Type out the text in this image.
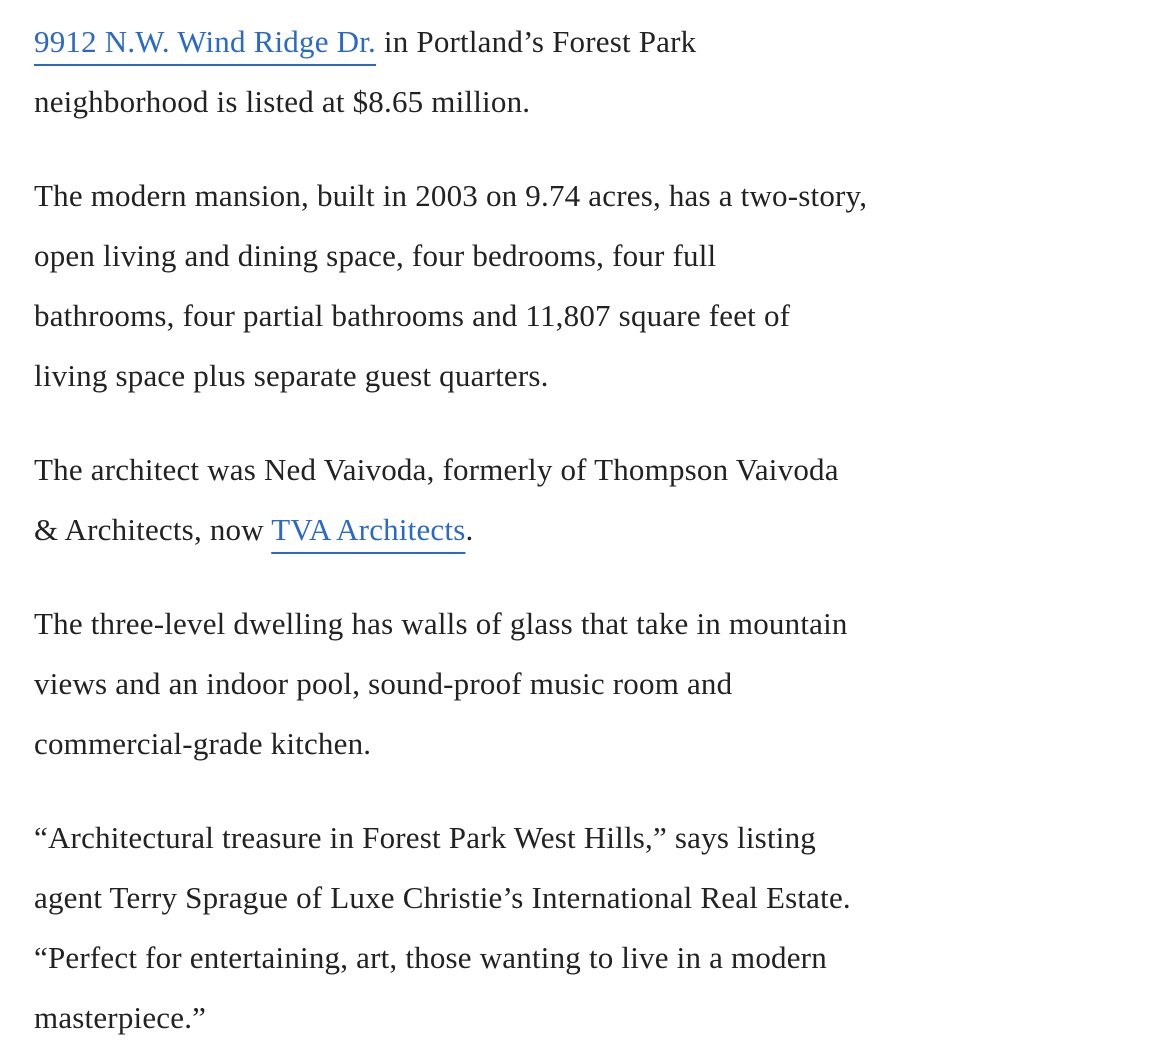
9912 N.W. Wind Ridge Dr. in Portland’s Forest Park
neighborhood is listed at $8.65 million.

The modern mansion, built in 2003 on 9.74 acres, has a two-story,
open living and dining space, four bedrooms, four full
bathrooms, four partial bathrooms and 11,807 square feet of
living space plus separate guest quarters.

The architect was Ned Vaivoda, formerly of Thompson Vaivoda
& Architects, now TVA Architects.

The three-level dwelling has walls of glass that take in mountain
views and an indoor pool, sound-proof music room and
commercial-grade kitchen.

“Architectural treasure in Forest Park West Hills,” says listing
agent Terry Sprague of Luxe Christie’s International Real Estate.
“Perfect for entertaining, art, those wanting to live in a modern
masterpiece.”
